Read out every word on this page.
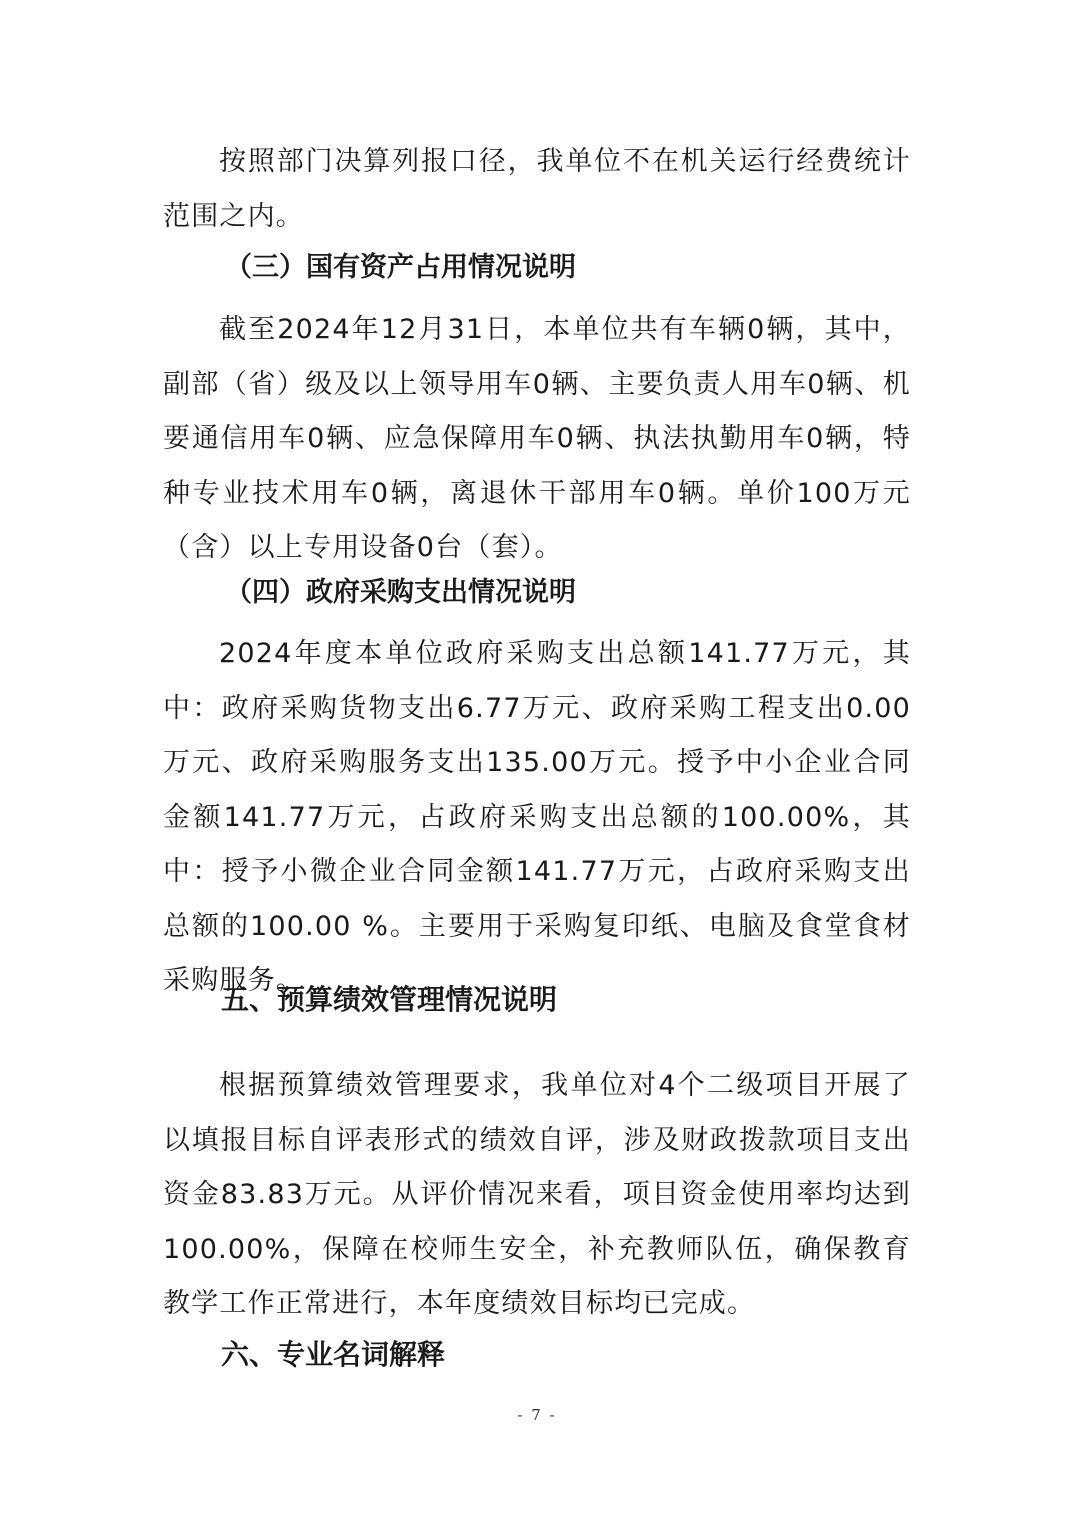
按照部门决算列报口径，我单位不在机关运行经费统计范围之内。

（三）国有资产占用情况说明

截至2024年12月31日，本单位共有车辆0辆，其中，副部（省）级及以上领导用车0辆、主要负责人用车0辆、机要通信用车0辆、应急保障用车0辆、执法执勤用车0辆，特种专业技术用车0辆，离退休干部用车0辆。单价100万元（含）以上专用设备0台（套）。

（四）政府采购支出情况说明

2024年度本单位政府采购支出总额141.77万元，其中：政府采购货物支出6.77万元、政府采购工程支出0.00万元、政府采购服务支出135.00万元。授予中小企业合同金额141.77万元，占政府采购支出总额的100.00%，其中：授予小微企业合同金额141.77万元，占政府采购支出总额的100.00 %。主要用于采购复印纸、电脑及食堂食材采购服务。

五、预算绩效管理情况说明

根据预算绩效管理要求，我单位对4个二级项目开展了以填报目标自评表形式的绩效自评，涉及财政拨款项目支出资金83.83万元。从评价情况来看，项目资金使用率均达到100.00%，保障在校师生安全，补充教师队伍，确保教育教学工作正常进行，本年度绩效目标均已完成。

六、专业名词解释

- 7 -
